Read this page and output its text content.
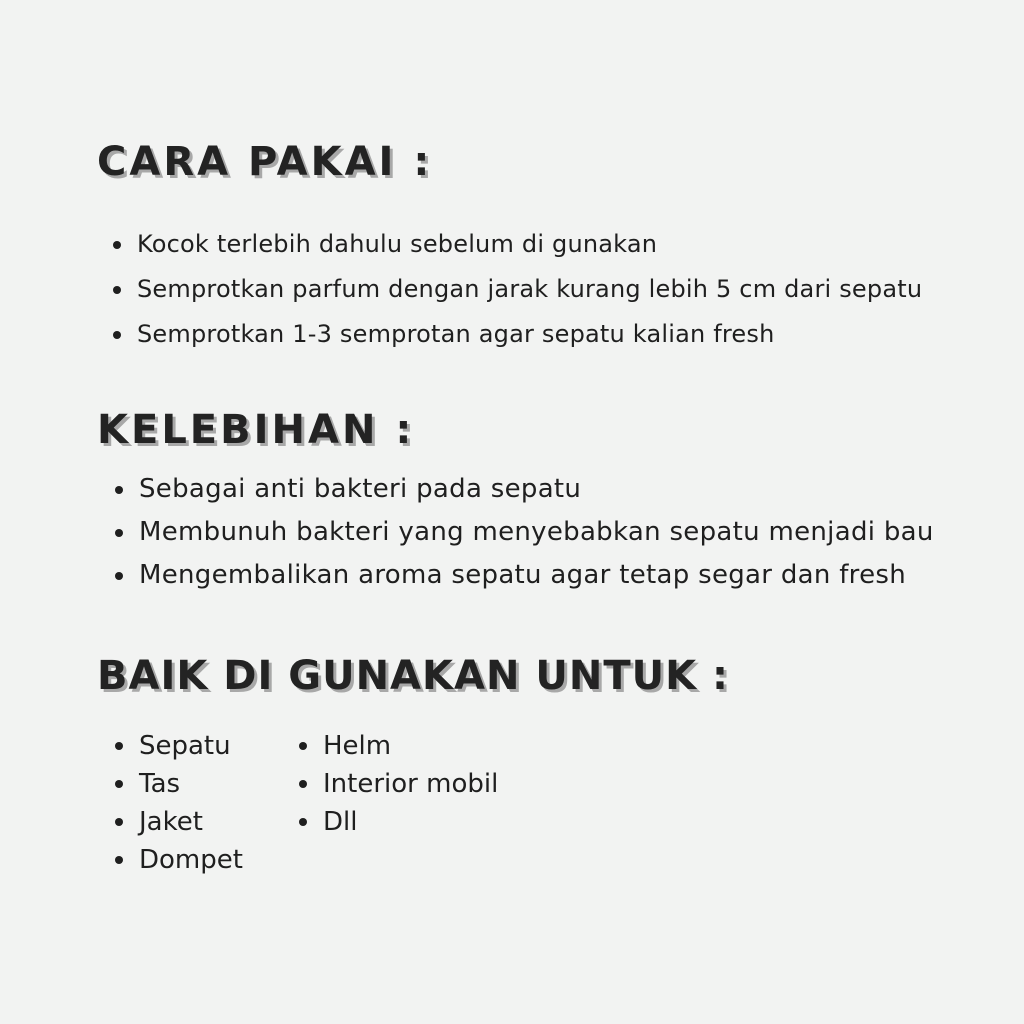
CARA PAKAI :
Kocok terlebih dahulu sebelum di gunakan
Semprotkan parfum dengan jarak kurang lebih 5 cm dari sepatu
Semprotkan 1-3 semprotan agar sepatu kalian fresh
KELEBIHAN :
Sebagai anti bakteri pada sepatu
Membunuh bakteri yang menyebabkan sepatu menjadi bau
Mengembalikan aroma sepatu agar tetap segar dan fresh
BAIK DI GUNAKAN UNTUK :
Sepatu
Tas
Jaket
Dompet
Helm
Interior mobil
Dll
